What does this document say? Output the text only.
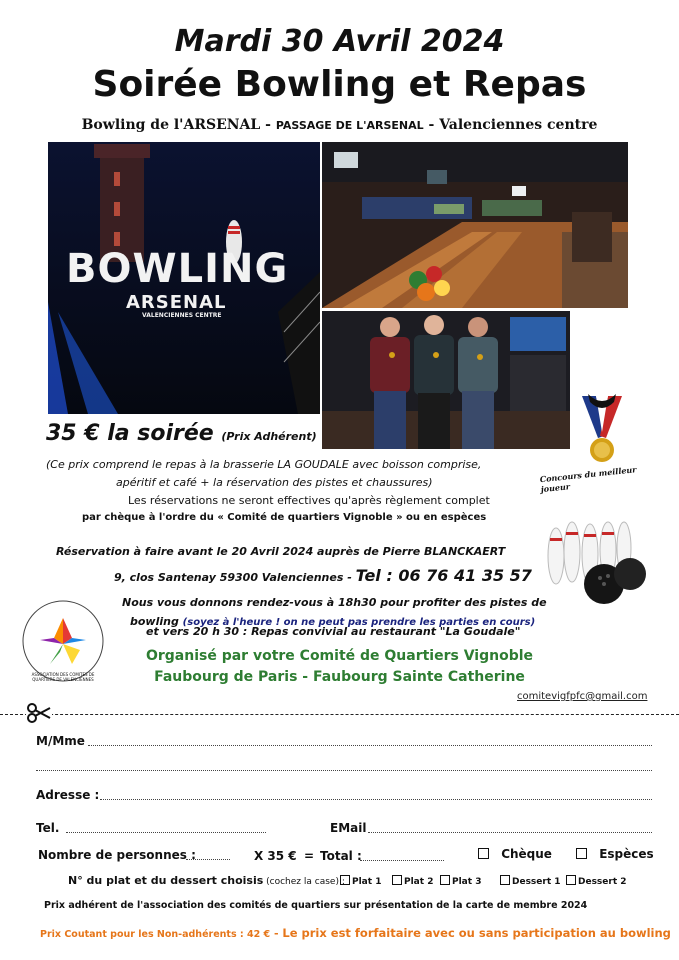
Mardi 30 Avril 2024
Soirée Bowling et Repas
Bowling de l'ARSENAL - PASSAGE DE L'ARSENAL - Valenciennes centre
BOWLING
ARSENAL
VALENCIENNES CENTRE
Concours du meilleur joueur
35 € la soirée (Prix Adhérent)
(Ce prix comprend le repas à la brasserie LA GOUDALE avec boisson comprise,
apéritif et café + la réservation des pistes et chaussures)
Les réservations ne seront effectives qu'après règlement complet
par chèque à l'ordre du « Comité de quartiers Vignoble » ou en espèces
Réservation à faire avant le 20 Avril 2024 auprès de Pierre BLANCKAERT
9, clos Santenay 59300 Valenciennes - Tel : 06 76 41 35 57
Nous vous donnons rendez-vous à 18h30 pour profiter des pistes de
bowling (soyez à l'heure ! on ne peut pas prendre les parties en cours)
et vers 20 h 30 : Repas convivial au restaurant "La Goudale"
ASSOCIATION DES COMITES DE QUARTIERS DE VALENCIENNES
Organisé par votre Comité de Quartiers Vignoble
Faubourg de Paris - Faubourg Sainte Catherine
comitevigfpfc@gmail.com
M/Mme
Adresse :
Tel.	EMail
Nombre de personnes :	X 35 € = Total :	Chèque	Espèces
N° du plat et du dessert choisis (cochez la case) : Plat 1	Plat 2	Plat 3	Dessert 1	Dessert 2
Prix adhérent de l'association des comités de quartiers sur présentation de la carte de membre 2024
Prix Coutant pour les Non-adhérents : 42 € - Le prix est forfaitaire avec ou sans participation au bowling
